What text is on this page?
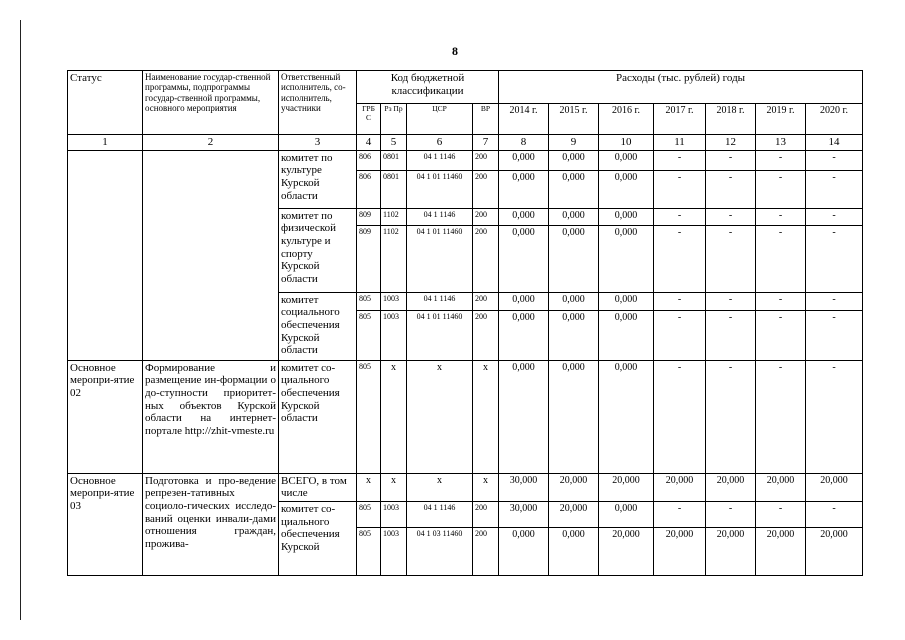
8
Статус	Наименование государ-ственной программы, подпрограммы государ-ственной программы, основного мероприятия	Ответственный исполнитель, со-исполнитель, участники	Код бюджетной классификации				Расходы (тыс. рублей) годы						
			ГРБ С	Рз Пр	ЦСР	ВР	2014 г.	2015 г.	2016 г.	2017 г.	2018 г.	2019 г.	2020 г.
1	2	3	4	5	6	7	8	9	10	11	12	13	14
		комитет по культуре Курской области	806	0801	04 1 1146	200	0,000	0,000	0,000	-	-	-	-
			806	0801	04 1 01 11460	200	0,000	0,000	0,000	-	-	-	-
		комитет по физической культуре и спорту Курской области	809	1102	04 1 1146	200	0,000	0,000	0,000	-	-	-	-
			809	1102	04 1 01 11460	200	0,000	0,000	0,000	-	-	-	-
		комитет социального обеспечения Курской области	805	1003	04 1 1146	200	0,000	0,000	0,000	-	-	-	-
			805	1003	04 1 01 11460	200	0,000	0,000	0,000	-	-	-	-
Основное меропри-ятие 02	Формирование и размещение ин-формации о до-ступности приоритет-ных объектов Курской области на интернет-портале http://zhit-vmeste.ru	комитет со-циального обеспечения Курской области	805	x	x	x	0,000	0,000	0,000	-	-	-	-
Основное меропри-ятие 03	Подготовка и про-ведение репрезен-тативных социоло-гических исследо-ваний оценки инвали-дами отношения граждан, прожива-	ВСЕГО, в том числе	x	x	x	x	30,000	20,000	20,000	20,000	20,000	20,000	20,000
		комитет со-циального обеспечения Курской	805	1003	04 1 1146	200	30,000	20,000	0,000	-	-	-	-
			805	1003	04 1 03 11460	200	0,000	0,000	20,000	20,000	20,000	20,000	20,000
